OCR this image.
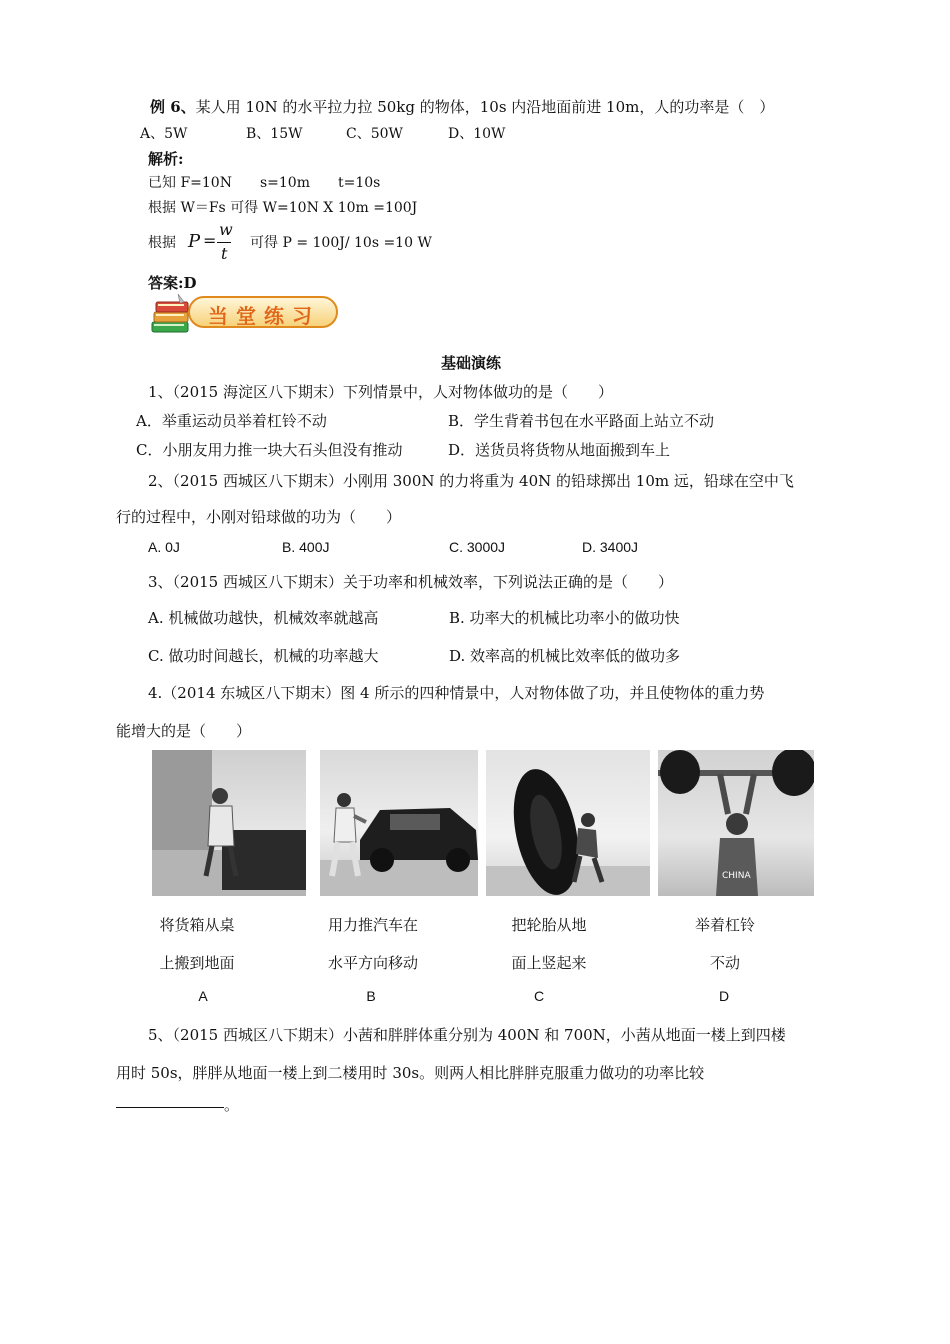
例 6、某人用 10N 的水平拉力拉 50kg 的物体，10s 内沿地面前进 10m，人的功率是（　）
A、5W	B、15W	C、50W	D、10W
解析:
已知 F=10N　　s=10m　　t=10s
根据 W＝Fs 可得 W=10N X 10m =100J
根据 P =
w
t
可得 P = 100J/ 10s =10 W
答案:D
当堂练习
基础演练
1、（2015 海淀区八下期末）下列情景中，人对物体做功的是（　　）
A．举重运动员举着杠铃不动	B．学生背着书包在水平路面上站立不动
C．小朋友用力推一块大石头但没有推动	D．送货员将货物从地面搬到车上
2、（2015 西城区八下期末）小刚用 300N 的力将重为 40N 的铅球掷出 10m 远，铅球在空中飞
行的过程中，小刚对铅球做的功为（　　）
A. 0J	B. 400J	C. 3000J	D. 3400J
3、（2015 西城区八下期末）关于功率和机械效率，下列说法正确的是（　　）
A. 机械做功越快，机械效率就越高	B. 功率大的机械比功率小的做功快
C. 做功时间越长，机械的功率越大	D. 效率高的机械比效率低的做功多
4.（2014 东城区八下期末）图 4 所示的四种情景中，人对物体做了功，并且使物体的重力势
能增大的是（　　）
CHINA
将货箱从桌
上搬到地面
A
用力推汽车在
水平方向移动
B
把轮胎从地
面上竖起来
C
举着杠铃
不动
D
5、（2015 西城区八下期末）小茜和胖胖体重分别为 400N 和 700N，小茜从地面一楼上到四楼
用时 50s，胖胖从地面一楼上到二楼用时 30s。则两人相比胖胖克服重力做功的功率比较
。
